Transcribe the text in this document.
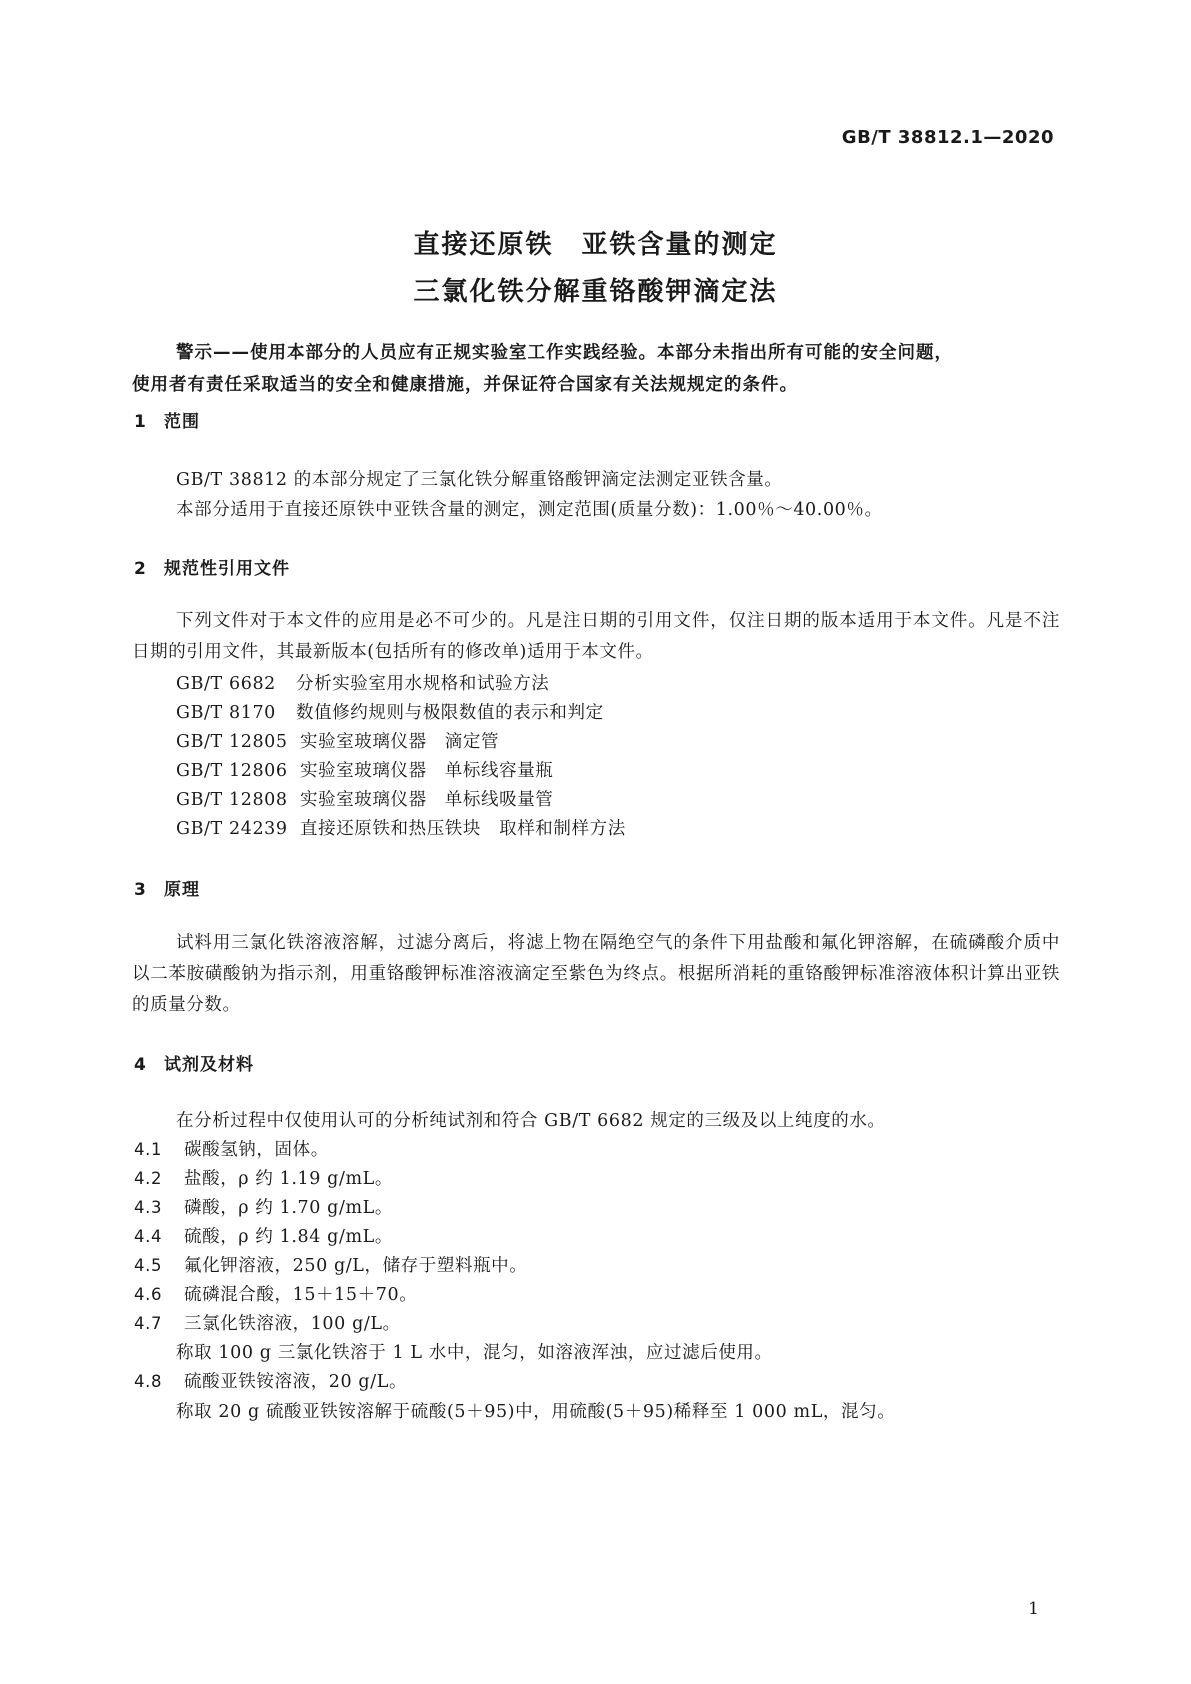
GB/T 38812.1—2020
直接还原铁 亚铁含量的测定
三氯化铁分解重铬酸钾滴定法

警示——使用本部分的人员应有正规实验室工作实践经验。本部分未指出所有可能的安全问题，

使用者有责任采取适当的安全和健康措施，并保证符合国家有关法规规定的条件。

1 范围
GB/T 38812 的本部分规定了三氯化铁分解重铬酸钾滴定法测定亚铁含量。
本部分适用于直接还原铁中亚铁含量的测定，测定范围(质量分数)：1.00％～40.00％。
2 规范性引用文件

下列文件对于本文件的应用是必不可少的。凡是注日期的引用文件，仅注日期的版本适用于本文件。凡是不注日期的引用文件，其最新版本(包括所有的修改单)适用于本文件。

GB/T 6682 分析实验室用水规格和试验方法
GB/T 8170 数值修约规则与极限数值的表示和判定
GB/T 12805 实验室玻璃仪器　滴定管
GB/T 12806 实验室玻璃仪器　单标线容量瓶
GB/T 12808 实验室玻璃仪器　单标线吸量管
GB/T 24239 直接还原铁和热压铁块　取样和制样方法
3 原理

试料用三氯化铁溶液溶解，过滤分离后，将滤上物在隔绝空气的条件下用盐酸和氟化钾溶解，在硫磷酸介质中以二苯胺磺酸钠为指示剂，用重铬酸钾标准溶液滴定至紫色为终点。根据所消耗的重铬酸钾标准溶液体积计算出亚铁的质量分数。

4 试剂及材料
在分析过程中仅使用认可的分析纯试剂和符合 GB/T 6682 规定的三级及以上纯度的水。
4.1 碳酸氢钠，固体。
4.2 盐酸，ρ 约 1.19 g/mL。
4.3 磷酸，ρ 约 1.70 g/mL。
4.4 硫酸，ρ 约 1.84 g/mL。
4.5 氟化钾溶液，250 g/L，储存于塑料瓶中。
4.6 硫磷混合酸，15＋15＋70。
4.7 三氯化铁溶液，100 g/L。
称取 100 g 三氯化铁溶于 1 L 水中，混匀，如溶液浑浊，应过滤后使用。
4.8 硫酸亚铁铵溶液，20 g/L。
称取 20 g 硫酸亚铁铵溶解于硫酸(5＋95)中，用硫酸(5＋95)稀释至 1 000 mL，混匀。
1
